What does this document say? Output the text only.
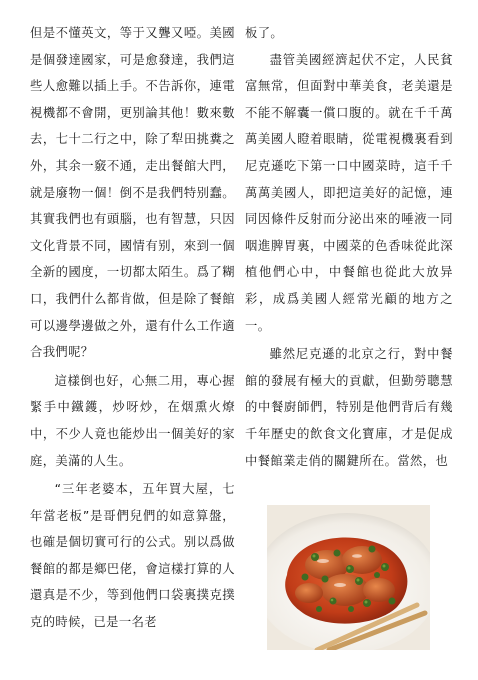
但是不懂英文，等于又聾又啞。美國是個發達國家，可是愈發達，我們這些人愈難以插上手。不告訴你，連電視機都不會開，更别論其他！數來數去，七十二行之中，除了犁田挑糞之外，其余一竅不通，走出餐館大門，就是廢物一個！倒不是我們特别蠢。其實我們也有頭腦，也有智慧，只因文化背景不同，國情有别，來到一個全新的國度，一切都太陌生。爲了糊口，我們什么都肯做，但是除了餐館可以邊學邊做之外，還有什么工作適合我們呢？

這樣倒也好，心無二用，專心握緊手中鐵鑊，炒呀炒，在烟熏火燎中，不少人竟也能炒出一個美好的家庭，美滿的人生。

“三年老婆本，五年買大屋，七年當老板”是哥們兒們的如意算盤，也確是個切實可行的公式。别以爲做餐館的都是鄉巴佬，會這樣打算的人還真是不少，等到他們口袋裏撲克撲克的時候，已是一名老

板了。

盡管美國經濟起伏不定，人民貧富無常，但面對中華美食，老美還是不能不解囊一償口腹的。就在千千萬萬美國人瞪着眼睛，從電視機裏看到尼克遜吃下第一口中國菜時，這千千萬萬美國人，即把這美好的記憶，連同因條件反射而分泌出來的唾液一同咽進脾胃裏，中國菜的色香味從此深植他們心中，中餐館也從此大放异彩，成爲美國人經常光顧的地方之一。

雖然尼克遜的北京之行，對中餐館的發展有極大的貢獻，但勤勞聰慧的中餐廚師們，特别是他們背后有幾千年歷史的飲食文化寶庫，才是促成中餐館業走俏的關鍵所在。當然，也
